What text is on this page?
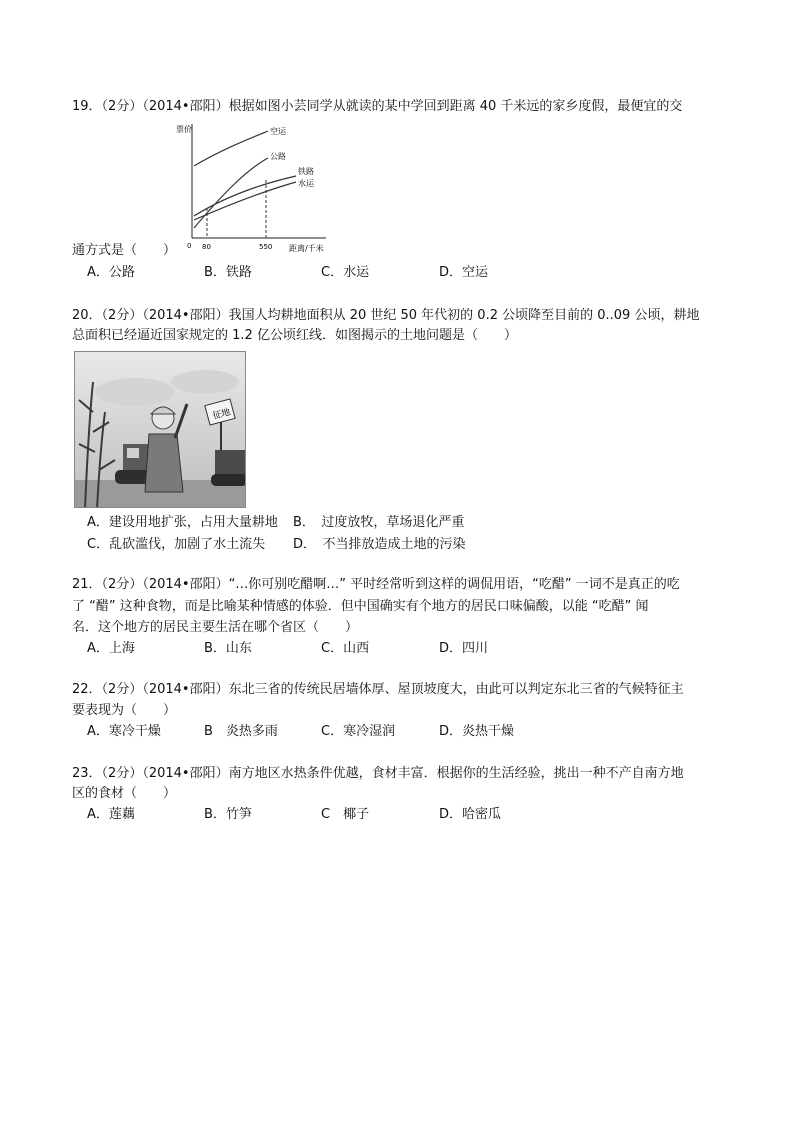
19．（2分）（2014•邵阳）根据如图小芸同学从就读的某中学回到距离 40 千米远的家乡度假，最便宜的交
票价	空运
公路
铁路
水运
0 80	550 距离/千米
通方式是（　　）
A．公路	B．铁路	C．水运	D．空运
20．（2分）（2014•邵阳）我国人均耕地面积从 20 世纪 50 年代初的 0.2 公顷降至目前的 0..09 公顷，耕地
总面积已经逼近国家规定的 1.2 亿公顷红线．如图揭示的土地问题是（　　）
征地
A．建设用地扩张，占用大量耕地 B．　过度放牧，草场退化严重
C．乱砍滥伐，加剧了水土流失 D．　不当排放造成土地的污染
21．（2分）（2014•邵阳）“…你可别吃醋啊…” 平时经常听到这样的调侃用语，“吃醋” 一词不是真正的吃
了 “醋” 这种食物，而是比喻某种情感的体验．但中国确实有个地方的居民口味偏酸，以能 “吃醋” 闻
名．这个地方的居民主要生活在哪个省区（　　）
A．上海	B．山东	C．山西	D．四川
22．（2分）（2014•邵阳）东北三省的传统民居墙体厚、屋顶坡度大，由此可以判定东北三省的气候特征主
要表现为（　　）
A．寒冷干燥	B　炎热多雨	C．寒冷湿润	D．炎热干燥
23．（2分）（2014•邵阳）南方地区水热条件优越，食材丰富．根据你的生活经验，挑出一种不产自南方地
区的食材（　　）
A．莲藕	B．竹笋	C　椰子	D．哈密瓜
